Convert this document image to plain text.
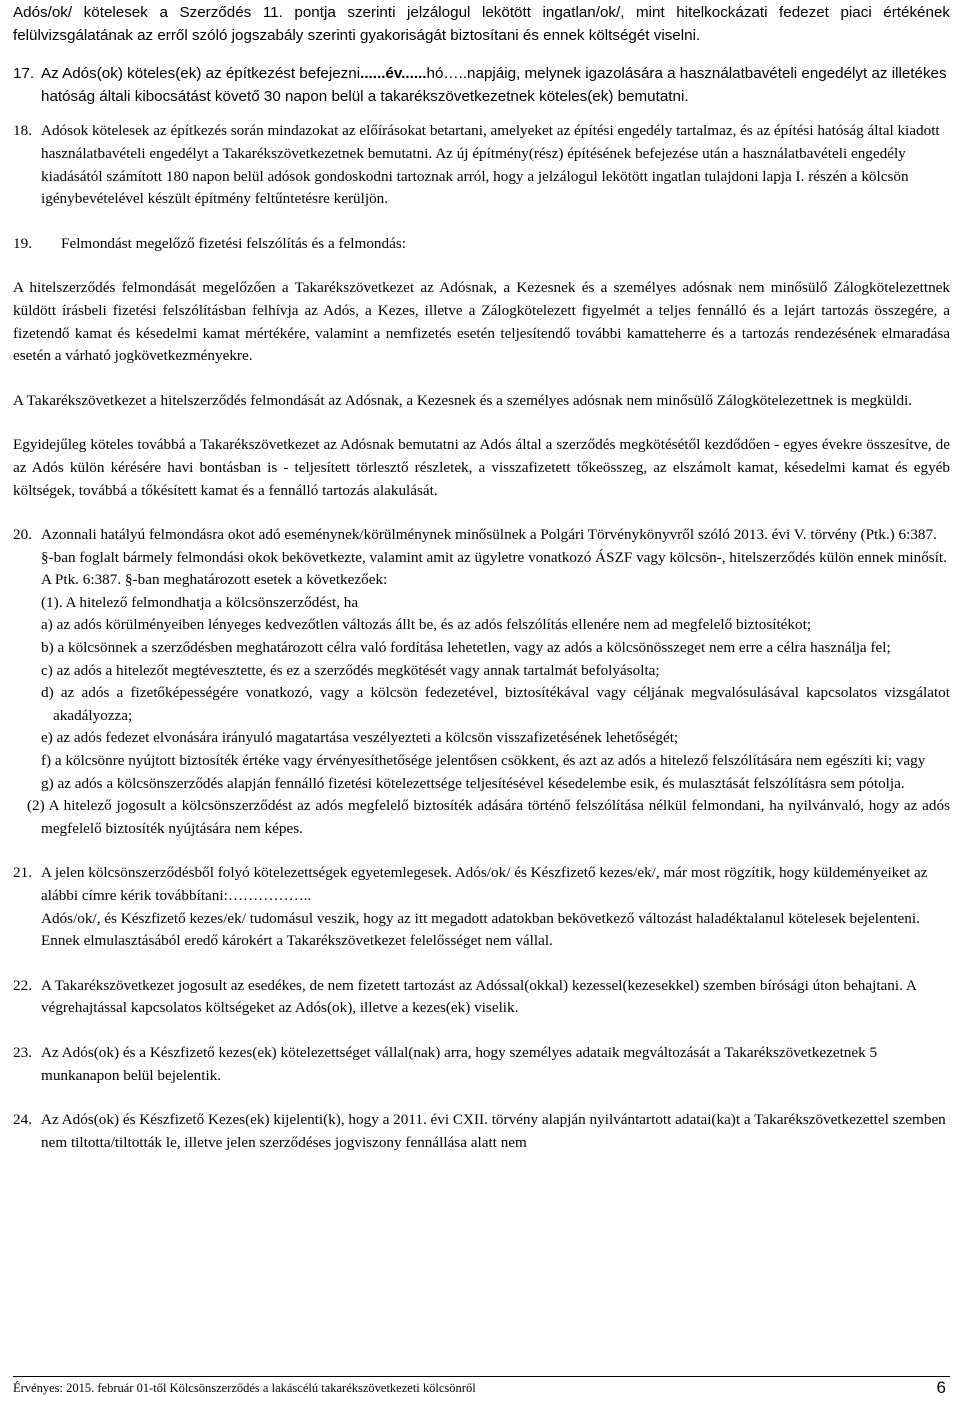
Adós/ok/ kötelesek a Szerződés 11. pontja szerinti jelzálogul lekötött ingatlan/ok/, mint hitelkockázati fedezet piaci értékének felülvizsgálatának az erről szóló jogszabály szerinti gyakoriságát biztosítani és ennek költségét viselni.

17. Az Adós(ok) köteles(ek) az építkezést befejezni......év......hó…..napjáig, melynek igazolására a használatbavételi engedélyt az illetékes hatóság általi kibocsátást követő 30 napon belül a takarékszövetkezetnek köteles(ek) bemutatni.
18. Adósok kötelesek az építkezés során mindazokat az előírásokat betartani, amelyeket az építési engedély tartalmaz, és az építési hatóság által kiadott használatbavételi engedélyt a Takarékszövetkezetnek bemutatni. Az új építmény(rész) építésének befejezése után a használatbavételi engedély kiadásától számított 180 napon belül adósok gondoskodni tartoznak arról, hogy a jelzálogul lekötött ingatlan tulajdoni lapja I. részén a kölcsön igénybevételével készült építmény feltűntetésre kerüljön.
19. Felmondást megelőző fizetési felszólítás és a felmondás:

A hitelszerződés felmondását megelőzően a Takarékszövetkezet az Adósnak, a Kezesnek és a személyes adósnak nem minősülő Zálogkötelezettnek küldött írásbeli fizetési felszólításban felhívja az Adós, a Kezes, illetve a Zálogkötelezett figyelmét a teljes fennálló és a lejárt tartozás összegére, a fizetendő kamat és késedelmi kamat mértékére, valamint a nemfizetés esetén teljesítendő további kamatteherre és a tartozás rendezésének elmaradása esetén a várható jogkövetkezményekre.

A Takarékszövetkezet a hitelszerződés felmondását az Adósnak, a Kezesnek és a személyes adósnak nem minősülő Zálogkötelezettnek is megküldi.

Egyidejűleg köteles továbbá a Takarékszövetkezet az Adósnak bemutatni az Adós által a szerződés megkötésétől kezdődően - egyes évekre összesítve, de az Adós külön kérésére havi bontásban is - teljesített törlesztő részletek, a visszafizetett tőkeösszeg, az elszámolt kamat, késedelmi kamat és egyéb költségek, továbbá a tőkésített kamat és a fennálló tartozás alakulását.

20. Azonnali hatályú felmondásra okot adó eseménynek/körülménynek minősülnek a Polgári Törvénykönyvről szóló 2013. évi V. törvény (Ptk.) 6:387. §-ban foglalt bármely felmondási okok bekövetkezte, valamint amit az ügyletre vonatkozó ÁSZF vagy kölcsön-, hitelszerződés külön ennek minősít.
A Ptk. 6:387. §-ban meghatározott esetek a következőek:
(1). A hitelező felmondhatja a kölcsönszerződést, ha
a) az adós körülményeiben lényeges kedvezőtlen változás állt be, és az adós felszólítás ellenére nem ad megfelelő biztosítékot;
b) a kölcsönnek a szerződésben meghatározott célra való fordítása lehetetlen, vagy az adós a kölcsönösszeget nem erre a célra használja fel;
c) az adós a hitelezőt megtévesztette, és ez a szerződés megkötését vagy annak tartalmát befolyásolta;
d) az adós a fizetőképességére vonatkozó, vagy a kölcsön fedezetével, biztosítékával vagy céljának megvalósulásával kapcsolatos vizsgálatot akadályozza;
e) az adós fedezet elvonására irányuló magatartása veszélyezteti a kölcsön visszafizetésének lehetőségét;
f) a kölcsönre nyújtott biztosíték értéke vagy érvényesíthetősége jelentősen csökkent, és azt az adós a hitelező felszólítására nem egészíti ki; vagy
g) az adós a kölcsönszerződés alapján fennálló fizetési kötelezettsége teljesítésével késedelembe esik, és mulasztását felszólításra sem pótolja.

(2) A hitelező jogosult a kölcsönszerződést az adós megfelelő biztosíték adására történő felszólítása nélkül felmondani, ha nyilvánvaló, hogy az adós megfelelő biztosíték nyújtására nem képes.

21. A jelen kölcsönszerződésből folyó kötelezettségek egyetemlegesek. Adós/ok/ és Készfizető kezes/ek/, már most rögzítik, hogy küldeményeiket az alábbi címre kérik továbbítani:……………..
Adós/ok/, és Készfizető kezes/ek/ tudomásul veszik, hogy az itt megadott adatokban bekövetkező változást haladéktalanul kötelesek bejelenteni. Ennek elmulasztásából eredő károkért a Takarékszövetkezet felelősséget nem vállal.
22. A Takarékszövetkezet jogosult az esedékes, de nem fizetett tartozást az Adóssal(okkal) kezessel(kezesekkel) szemben bírósági úton behajtani. A végrehajtással kapcsolatos költségeket az Adós(ok), illetve a kezes(ek) viselik.
23. Az Adós(ok) és a Készfizető kezes(ek) kötelezettséget vállal(nak) arra, hogy személyes adataik megváltozását a Takarékszövetkezetnek 5 munkanapon belül bejelentik.
24. Az Adós(ok) és Készfizető Kezes(ek) kijelenti(k), hogy a 2011. évi CXII. törvény alapján nyilvántartott adatai(ka)t a Takarékszövetkezettel szemben nem tiltotta/tiltották le, illetve jelen szerződéses jogviszony fennállása alatt nem
Érvényes: 2015. február 01-től Kölcsönszerződés a lakáscélú takarékszövetkezeti kölcsönről	6
